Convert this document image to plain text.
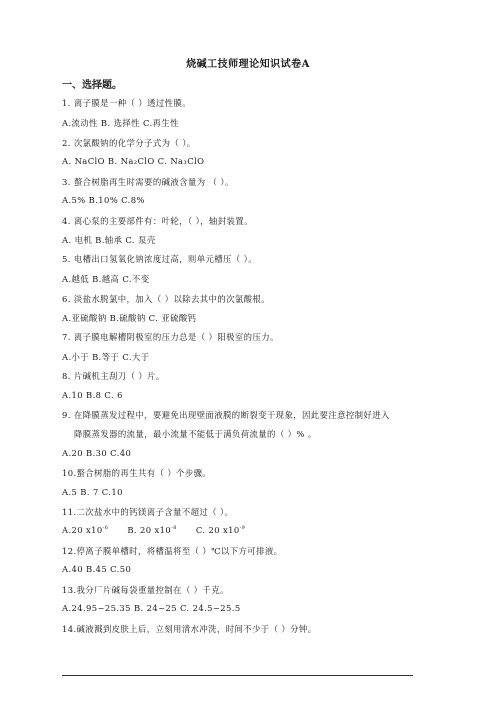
烧碱工技师理论知识试卷A
一、选择题。
1. 离子膜是一种（ ）透过性膜。
A.流动性 B. 选择性 C.再生性
2. 次氯酸钠的化学分子式为（ ）。
A. NaClO B. Na₂ClO C. Na₃ClO
3. 螯合树脂再生时需要的碱液含量为 （ ）。
A.5% B.10% C.8%
4. 离心泵的主要部件有：叶轮，（ ），轴封装置。
A. 电机 B.轴承 C. 泵壳
5. 电槽出口氢氧化钠浓度过高，则单元槽压（ ）。
A.越低 B.越高 C.不变
6. 淡盐水脱氯中，加入（ ）以除去其中的次氯酸根。
A.亚硫酸钠 B.硫酸钠 C. 亚硫酸钙
7. 离子膜电解槽阴极室的压力总是（ ）阳极室的压力。
A.小于 B.等于 C.大于
8. 片碱机主刮刀（ ）片。
A.10 B.8 C. 6
9. 在降膜蒸发过程中，要避免出现壁面液膜的断裂变干现象，因此要注意控制好进入
降膜蒸发器的流量，最小流量不能低于满负荷流量的（ ）% 。
A.20 B.30 C.40
10.螯合树脂的再生共有（ ）个步骤。
A.5 B. 7 C.10
11.二次盐水中的钙镁离子含量不超过（ ）。
A.20 $x10^{-6}$ B. 20 $x10^{-8}$ C. 20 $x10^{-9}$
12.停离子膜单槽时，将槽温将至（ ）℃以下方可排液。
A.40 B.45 C.50
13.我分厂片碱每袋重量控制在（ ）千克。
A.24.95~25.35 B. 24~25 C. 24.5~25.5
14.碱液溅到皮肤上后，立刻用清水冲洗，时间不少于（ ）分钟。
